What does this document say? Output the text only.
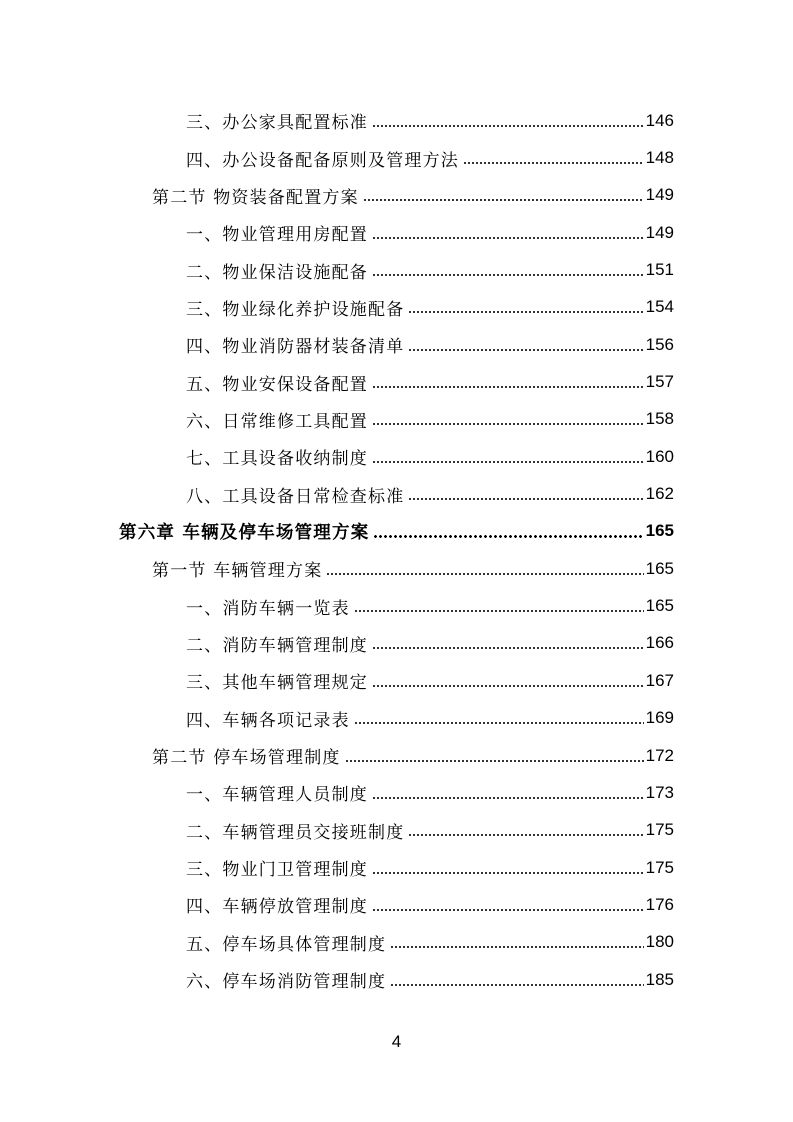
三、办公家具配置标准	146
四、办公设备配备原则及管理方法	148
第二节 物资装备配置方案	149
一、物业管理用房配置	149
二、物业保洁设施配备	151
三、物业绿化养护设施配备	154
四、物业消防器材装备清单	156
五、物业安保设备配置	157
六、日常维修工具配置	158
七、工具设备收纳制度	160
八、工具设备日常检查标准	162
第六章 车辆及停车场管理方案	165
第一节 车辆管理方案	165
一、消防车辆一览表	165
二、消防车辆管理制度	166
三、其他车辆管理规定	167
四、车辆各项记录表	169
第二节 停车场管理制度	172
一、车辆管理人员制度	173
二、车辆管理员交接班制度	175
三、物业门卫管理制度	175
四、车辆停放管理制度	176
五、停车场具体管理制度	180
六、停车场消防管理制度	185
4
